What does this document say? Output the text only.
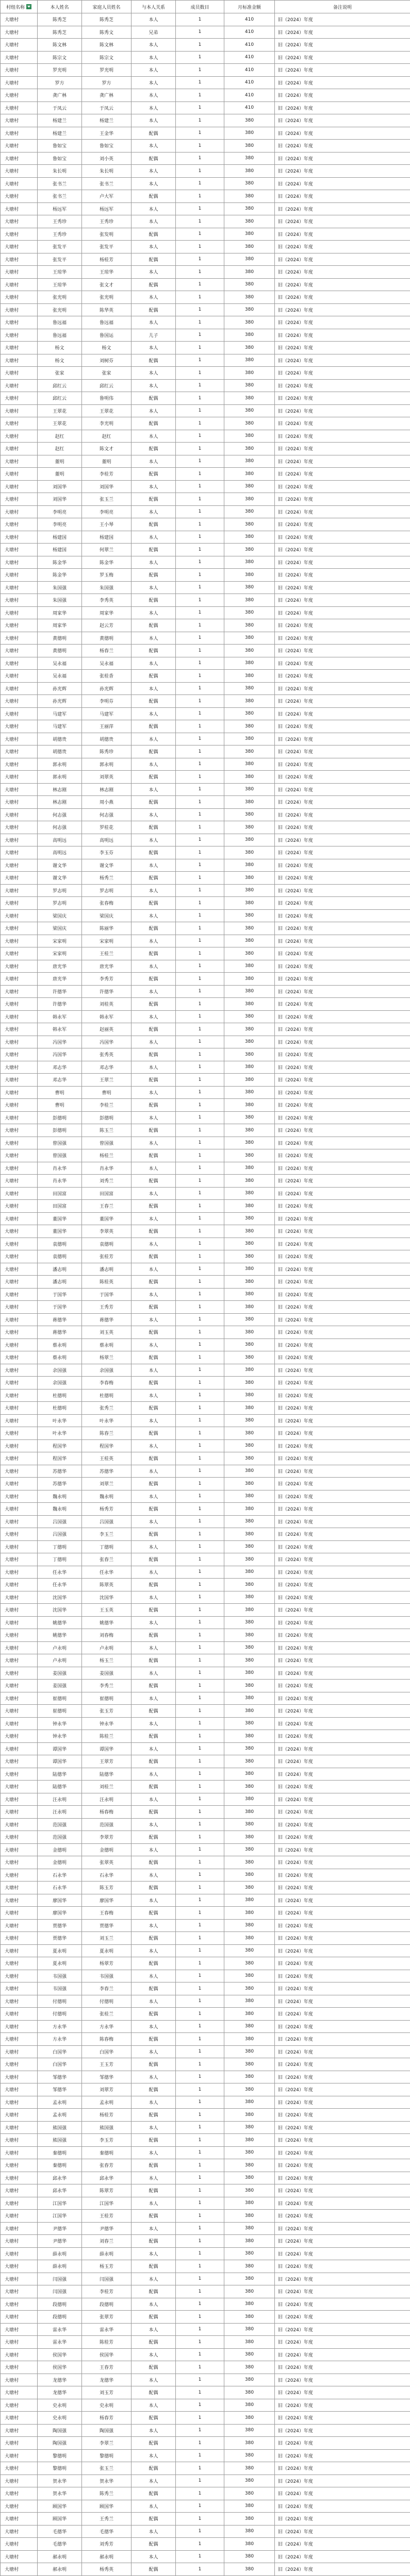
村组名称	本人姓名	家庭人员姓名	与本人关系	成员数目	月标准金额	备注说明
大塘村	陈秀芝	陈秀芝	本人	1	410	旧（2024）年度
大塘村	陈秀芝	陈秀文	兄弟	1	410	旧（2024）年度
大塘村	陈文林	陈文林	本人	1	410	旧（2024）年度
大塘村	陈宗文	陈宗文	本人	1	410	旧（2024）年度
大塘村	罗光明	罗光明	本人	1	410	旧（2024）年度
大塘村	罗方	罗方	本人	1	410	旧（2024）年度
大塘村	龚广林	龚广林	本人	1	410	旧（2024）年度
大塘村	于凤云	于凤云	本人	1	410	旧（2024）年度
大塘村	杨建兰	杨建兰	本人	1	380	旧（2024）年度
大塘村	杨建兰	王金华	配偶	1	380	旧（2024）年度
大塘村	鲁如宝	鲁如宝	本人	1	380	旧（2024）年度
大塘村	鲁如宝	刘小英	配偶	1	380	旧（2024）年度
大塘村	朱长明	朱长明	本人	1	380	旧（2024）年度
大塘村	张书兰	张书兰	本人	1	380	旧（2024）年度
大塘村	张书兰	卢大军	配偶	1	380	旧（2024）年度
大塘村	杨远军	杨远军	本人	1	380	旧（2024）年度
大塘村	王秀珍	王秀珍	本人	1	380	旧（2024）年度
大塘村	王秀珍	张发明	配偶	1	380	旧（2024）年度
大塘村	张发平	张发平	本人	1	380	旧（2024）年度
大塘村	张发平	杨桂芳	配偶	1	380	旧（2024）年度
大塘村	王琼华	王琼华	本人	1	380	旧（2024）年度
大塘村	王琼华	张文才	配偶	1	380	旧（2024）年度
大塘村	张光明	张光明	本人	1	380	旧（2024）年度
大塘村	张光明	陈华英	配偶	1	380	旧（2024）年度
大塘村	鲁远福	鲁远福	本人	1	380	旧（2024）年度
大塘村	鲁远福	鲁国运	儿子	1	380	旧（2024）年度
大塘村	杨文	杨文	本人	1	380	旧（2024）年度
大塘村	杨文	刘树芬	配偶	1	380	旧（2024）年度
大塘村	张家	张家	本人	1	380	旧（2024）年度
大塘村	邱红云	邱红云	本人	1	380	旧（2024）年度
大塘村	邱红云	鲁明伟	配偶	1	380	旧（2024）年度
大塘村	王翠花	王翠花	本人	1	380	旧（2024）年度
大塘村	王翠花	李光明	配偶	1	380	旧（2024）年度
大塘村	赵红	赵红	本人	1	380	旧（2024）年度
大塘村	赵红	陈文才	配偶	1	380	旧（2024）年度
大塘村	董明	董明	本人	1	380	旧（2024）年度
大塘村	董明	李桂芳	配偶	1	380	旧（2024）年度
大塘村	刘国华	刘国华	本人	1	380	旧（2024）年度
大塘村	刘国华	张玉兰	配偶	1	380	旧（2024）年度
大塘村	李明亮	李明亮	本人	1	380	旧（2024）年度
大塘村	李明亮	王小琴	配偶	1	380	旧（2024）年度
大塘村	杨建国	杨建国	本人	1	380	旧（2024）年度
大塘村	杨建国	何翠兰	配偶	1	380	旧（2024）年度
大塘村	陈金华	陈金华	本人	1	380	旧（2024）年度
大塘村	陈金华	罗玉梅	配偶	1	380	旧（2024）年度
大塘村	朱国强	朱国强	本人	1	380	旧（2024）年度
大塘村	朱国强	李秀英	配偶	1	380	旧（2024）年度
大塘村	周家华	周家华	本人	1	380	旧（2024）年度
大塘村	周家华	赵云芳	配偶	1	380	旧（2024）年度
大塘村	黄德明	黄德明	本人	1	380	旧（2024）年度
大塘村	黄德明	杨春兰	配偶	1	380	旧（2024）年度
大塘村	吴永福	吴永福	本人	1	380	旧（2024）年度
大塘村	吴永福	张桂香	配偶	1	380	旧（2024）年度
大塘村	孙光辉	孙光辉	本人	1	380	旧（2024）年度
大塘村	孙光辉	李明芬	配偶	1	380	旧（2024）年度
大塘村	马建军	马建军	本人	1	380	旧（2024）年度
大塘村	马建军	王丽萍	配偶	1	380	旧（2024）年度
大塘村	胡德贵	胡德贵	本人	1	380	旧（2024）年度
大塘村	胡德贵	陈秀珍	配偶	1	380	旧（2024）年度
大塘村	郭永明	郭永明	本人	1	380	旧（2024）年度
大塘村	郭永明	刘翠英	配偶	1	380	旧（2024）年度
大塘村	林志刚	林志刚	本人	1	380	旧（2024）年度
大塘村	林志刚	周小燕	配偶	1	380	旧（2024）年度
大塘村	何志强	何志强	本人	1	380	旧（2024）年度
大塘村	何志强	罗桂花	配偶	1	380	旧（2024）年度
大塘村	高明远	高明远	本人	1	380	旧（2024）年度
大塘村	高明远	李玉芬	配偶	1	380	旧（2024）年度
大塘村	谢文华	谢文华	本人	1	380	旧（2024）年度
大塘村	谢文华	杨秀兰	配偶	1	380	旧（2024）年度
大塘村	罗志明	罗志明	本人	1	380	旧（2024）年度
大塘村	罗志明	张春梅	配偶	1	380	旧（2024）年度
大塘村	梁国庆	梁国庆	本人	1	380	旧（2024）年度
大塘村	梁国庆	陈丽华	配偶	1	380	旧（2024）年度
大塘村	宋家明	宋家明	本人	1	380	旧（2024）年度
大塘村	宋家明	王桂兰	配偶	1	380	旧（2024）年度
大塘村	唐光华	唐光华	本人	1	380	旧（2024）年度
大塘村	唐光华	李秀芳	配偶	1	380	旧（2024）年度
大塘村	许德华	许德华	本人	1	380	旧（2024）年度
大塘村	许德华	刘桂英	配偶	1	380	旧（2024）年度
大塘村	韩永军	韩永军	本人	1	380	旧（2024）年度
大塘村	韩永军	赵丽英	配偶	1	380	旧（2024）年度
大塘村	冯国华	冯国华	本人	1	380	旧（2024）年度
大塘村	冯国华	张秀英	配偶	1	380	旧（2024）年度
大塘村	邓志华	邓志华	本人	1	380	旧（2024）年度
大塘村	邓志华	王翠兰	配偶	1	380	旧（2024）年度
大塘村	曹明	曹明	本人	1	380	旧（2024）年度
大塘村	曹明	李桂兰	配偶	1	380	旧（2024）年度
大塘村	彭德明	彭德明	本人	1	380	旧（2024）年度
大塘村	彭德明	陈玉兰	配偶	1	380	旧（2024）年度
大塘村	曾国强	曾国强	本人	1	380	旧（2024）年度
大塘村	曾国强	杨桂兰	配偶	1	380	旧（2024）年度
大塘村	肖永华	肖永华	本人	1	380	旧（2024）年度
大塘村	肖永华	刘秀兰	配偶	1	380	旧（2024）年度
大塘村	田国富	田国富	本人	1	380	旧（2024）年度
大塘村	田国富	王春兰	配偶	1	380	旧（2024）年度
大塘村	董国华	董国华	本人	1	380	旧（2024）年度
大塘村	董国华	李翠英	配偶	1	380	旧（2024）年度
大塘村	袁德明	袁德明	本人	1	380	旧（2024）年度
大塘村	袁德明	张桂芳	配偶	1	380	旧（2024）年度
大塘村	潘志明	潘志明	本人	1	380	旧（2024）年度
大塘村	潘志明	陈桂英	配偶	1	380	旧（2024）年度
大塘村	于国华	于国华	本人	1	380	旧（2024）年度
大塘村	于国华	王秀芳	配偶	1	380	旧（2024）年度
大塘村	蒋德华	蒋德华	本人	1	380	旧（2024）年度
大塘村	蒋德华	刘玉英	配偶	1	380	旧（2024）年度
大塘村	蔡永明	蔡永明	本人	1	380	旧（2024）年度
大塘村	蔡永明	杨翠兰	配偶	1	380	旧（2024）年度
大塘村	余国强	余国强	本人	1	380	旧（2024）年度
大塘村	余国强	李春梅	配偶	1	380	旧（2024）年度
大塘村	杜德明	杜德明	本人	1	380	旧（2024）年度
大塘村	杜德明	张秀兰	配偶	1	380	旧（2024）年度
大塘村	叶永华	叶永华	本人	1	380	旧（2024）年度
大塘村	叶永华	陈春兰	配偶	1	380	旧（2024）年度
大塘村	程国华	程国华	本人	1	380	旧（2024）年度
大塘村	程国华	王桂英	配偶	1	380	旧（2024）年度
大塘村	苏德华	苏德华	本人	1	380	旧（2024）年度
大塘村	苏德华	刘翠兰	配偶	1	380	旧（2024）年度
大塘村	魏永明	魏永明	本人	1	380	旧（2024）年度
大塘村	魏永明	杨秀芳	配偶	1	380	旧（2024）年度
大塘村	吕国强	吕国强	本人	1	380	旧（2024）年度
大塘村	吕国强	李玉兰	配偶	1	380	旧（2024）年度
大塘村	丁德明	丁德明	本人	1	380	旧（2024）年度
大塘村	丁德明	张春兰	配偶	1	380	旧（2024）年度
大塘村	任永华	任永华	本人	1	380	旧（2024）年度
大塘村	任永华	陈翠英	配偶	1	380	旧（2024）年度
大塘村	沈国华	沈国华	本人	1	380	旧（2024）年度
大塘村	沈国华	王玉英	配偶	1	380	旧（2024）年度
大塘村	姚德华	姚德华	本人	1	380	旧（2024）年度
大塘村	姚德华	刘春梅	配偶	1	380	旧（2024）年度
大塘村	卢永明	卢永明	本人	1	380	旧（2024）年度
大塘村	卢永明	杨玉兰	配偶	1	380	旧（2024）年度
大塘村	姜国强	姜国强	本人	1	380	旧（2024）年度
大塘村	姜国强	李秀兰	配偶	1	380	旧（2024）年度
大塘村	崔德明	崔德明	本人	1	380	旧（2024）年度
大塘村	崔德明	张玉芳	配偶	1	380	旧（2024）年度
大塘村	钟永华	钟永华	本人	1	380	旧（2024）年度
大塘村	钟永华	陈桂兰	配偶	1	380	旧（2024）年度
大塘村	谭国华	谭国华	本人	1	380	旧（2024）年度
大塘村	谭国华	王翠芳	配偶	1	380	旧（2024）年度
大塘村	陆德华	陆德华	本人	1	380	旧（2024）年度
大塘村	陆德华	刘桂兰	配偶	1	380	旧（2024）年度
大塘村	汪永明	汪永明	本人	1	380	旧（2024）年度
大塘村	汪永明	杨春梅	配偶	1	380	旧（2024）年度
大塘村	范国强	范国强	本人	1	380	旧（2024）年度
大塘村	范国强	李翠芳	配偶	1	380	旧（2024）年度
大塘村	金德明	金德明	本人	1	380	旧（2024）年度
大塘村	金德明	张翠英	配偶	1	380	旧（2024）年度
大塘村	石永华	石永华	本人	1	380	旧（2024）年度
大塘村	石永华	陈玉芳	配偶	1	380	旧（2024）年度
大塘村	廖国华	廖国华	本人	1	380	旧（2024）年度
大塘村	廖国华	王春梅	配偶	1	380	旧（2024）年度
大塘村	贾德华	贾德华	本人	1	380	旧（2024）年度
大塘村	贾德华	刘玉兰	配偶	1	380	旧（2024）年度
大塘村	夏永明	夏永明	本人	1	380	旧（2024）年度
大塘村	夏永明	杨翠芳	配偶	1	380	旧（2024）年度
大塘村	韦国强	韦国强	本人	1	380	旧（2024）年度
大塘村	韦国强	李春兰	配偶	1	380	旧（2024）年度
大塘村	付德明	付德明	本人	1	380	旧（2024）年度
大塘村	付德明	张桂兰	配偶	1	380	旧（2024）年度
大塘村	方永华	方永华	本人	1	380	旧（2024）年度
大塘村	方永华	陈春梅	配偶	1	380	旧（2024）年度
大塘村	白国华	白国华	本人	1	380	旧（2024）年度
大塘村	白国华	王玉芳	配偶	1	380	旧（2024）年度
大塘村	邹德华	邹德华	本人	1	380	旧（2024）年度
大塘村	邹德华	刘翠芳	配偶	1	380	旧（2024）年度
大塘村	孟永明	孟永明	本人	1	380	旧（2024）年度
大塘村	孟永明	杨桂芳	配偶	1	380	旧（2024）年度
大塘村	熊国强	熊国强	本人	1	380	旧（2024）年度
大塘村	熊国强	李玉芳	配偶	1	380	旧（2024）年度
大塘村	秦德明	秦德明	本人	1	380	旧（2024）年度
大塘村	秦德明	张春芳	配偶	1	380	旧（2024）年度
大塘村	邱永华	邱永华	本人	1	380	旧（2024）年度
大塘村	邱永华	陈翠芳	配偶	1	380	旧（2024）年度
大塘村	江国华	江国华	本人	1	380	旧（2024）年度
大塘村	江国华	王桂芳	配偶	1	380	旧（2024）年度
大塘村	尹德华	尹德华	本人	1	380	旧（2024）年度
大塘村	尹德华	刘春兰	配偶	1	380	旧（2024）年度
大塘村	薛永明	薛永明	本人	1	380	旧（2024）年度
大塘村	薛永明	杨玉芳	配偶	1	380	旧（2024）年度
大塘村	闫国强	闫国强	本人	1	380	旧（2024）年度
大塘村	闫国强	李桂芳	配偶	1	380	旧（2024）年度
大塘村	段德明	段德明	本人	1	380	旧（2024）年度
大塘村	段德明	张翠芳	配偶	1	380	旧（2024）年度
大塘村	雷永华	雷永华	本人	1	380	旧（2024）年度
大塘村	雷永华	陈桂芳	配偶	1	380	旧（2024）年度
大塘村	侯国华	侯国华	本人	1	380	旧（2024）年度
大塘村	侯国华	王春芳	配偶	1	380	旧（2024）年度
大塘村	龙德华	龙德华	本人	1	380	旧（2024）年度
大塘村	龙德华	刘玉芳	配偶	1	380	旧（2024）年度
大塘村	史永明	史永明	本人	1	380	旧（2024）年度
大塘村	史永明	杨春芳	配偶	1	380	旧（2024）年度
大塘村	陶国强	陶国强	本人	1	380	旧（2024）年度
大塘村	陶国强	李翠兰	配偶	1	380	旧（2024）年度
大塘村	黎德明	黎德明	本人	1	380	旧（2024）年度
大塘村	黎德明	张玉兰	配偶	1	380	旧（2024）年度
大塘村	贺永华	贺永华	本人	1	380	旧（2024）年度
大塘村	贺永华	陈秀兰	配偶	1	380	旧（2024）年度
大塘村	顾国华	顾国华	本人	1	380	旧（2024）年度
大塘村	顾国华	王秀兰	配偶	1	380	旧（2024）年度
大塘村	毛德华	毛德华	本人	1	380	旧（2024）年度
大塘村	毛德华	刘秀芳	配偶	1	380	旧（2024）年度
大塘村	郝永明	郝永明	本人	1	380	旧（2024）年度
大塘村	郝永明	杨秀英	配偶	1	380	旧（2024）年度
